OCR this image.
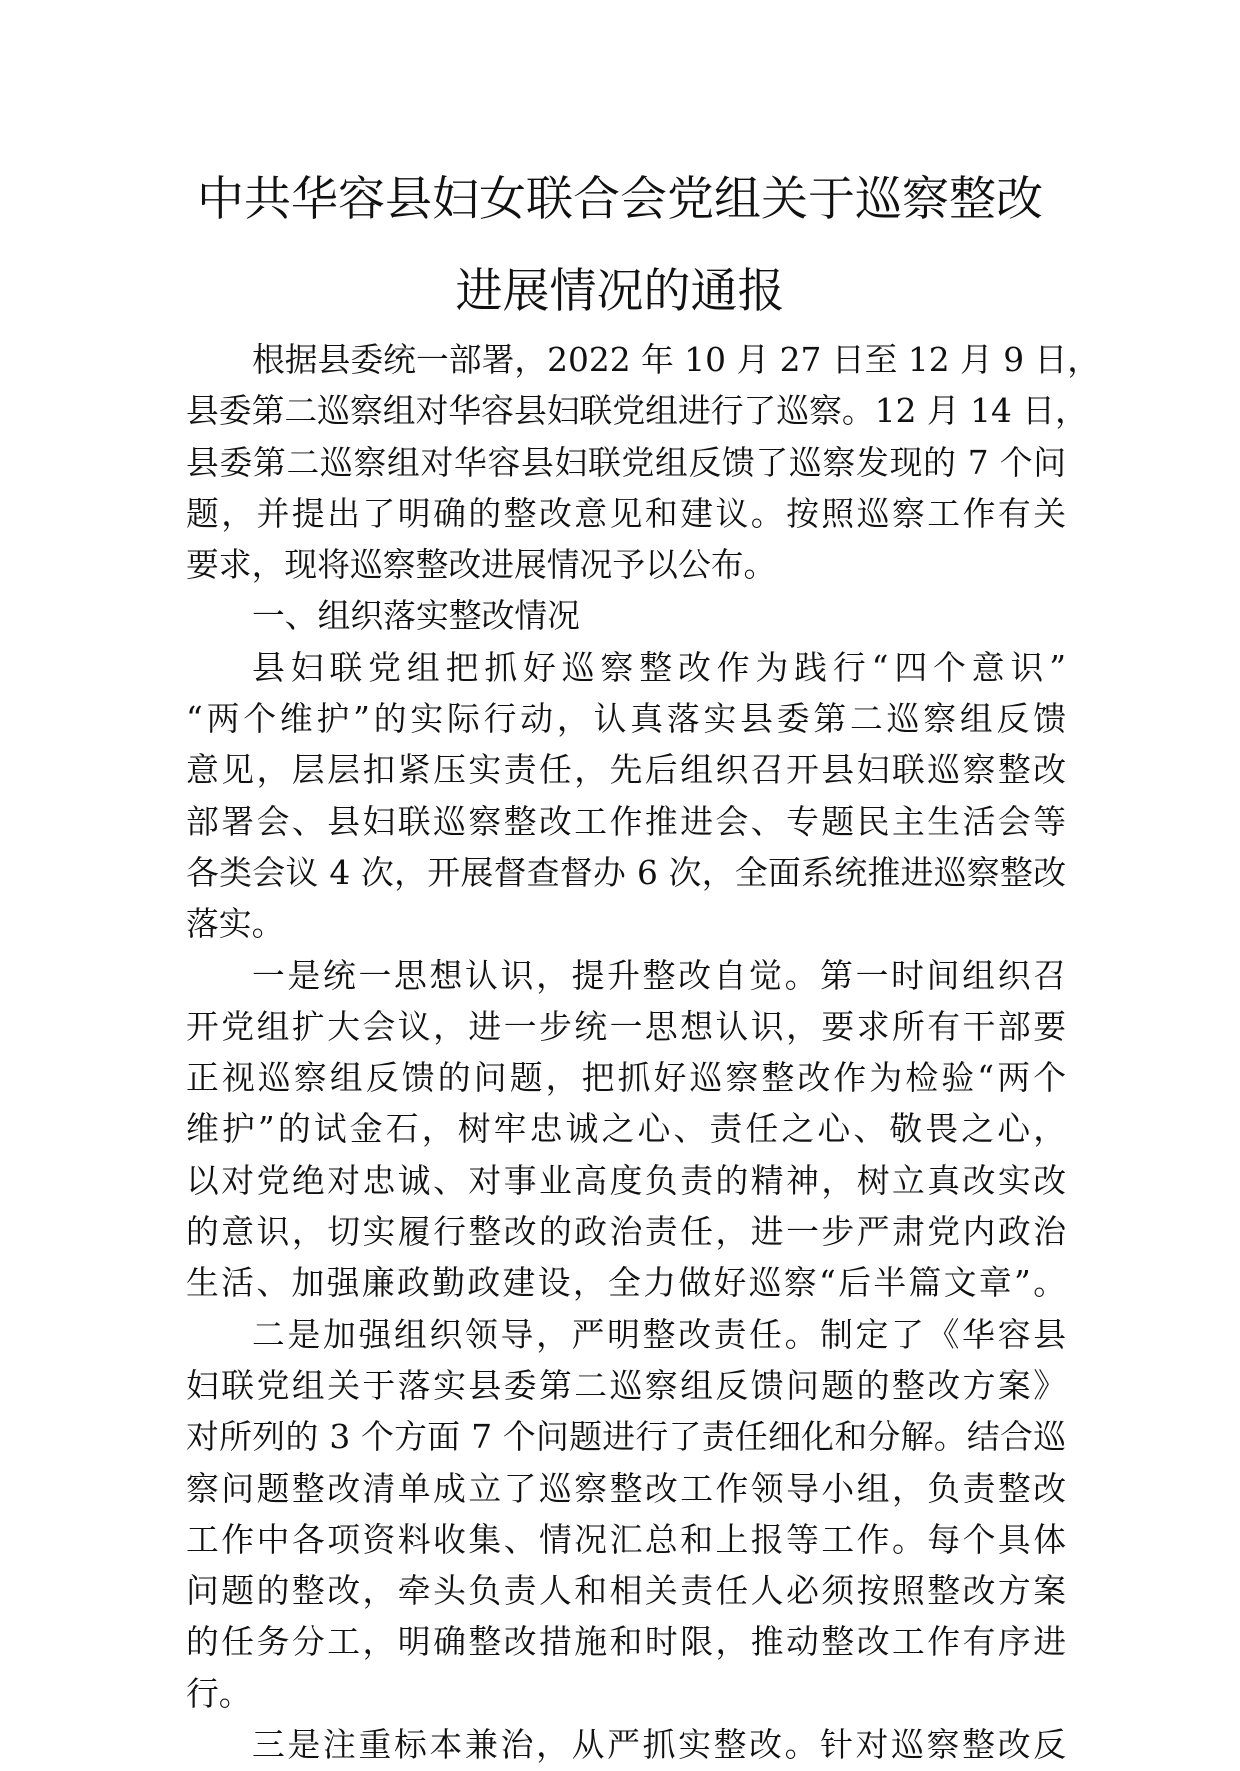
中共华容县妇女联合会党组关于巡察整改
进展情况的通报
根据县委统一部署，2022 年 10 月 27 日至 12 月 9 日，
县委第二巡察组对华容县妇联党组进行了巡察。12 月 14 日，
县委第二巡察组对华容县妇联党组反馈了巡察发现的 7 个问
题，并提出了明确的整改意见和建议。按照巡察工作有关
要求，现将巡察整改进展情况予以公布。
一、组织落实整改情况
县妇联党组把抓好巡察整改作为践行“四个意识”
“两个维护”的实际行动，认真落实县委第二巡察组反馈
意见，层层扣紧压实责任，先后组织召开县妇联巡察整改
部署会、县妇联巡察整改工作推进会、专题民主生活会等
各类会议 4 次，开展督查督办 6 次，全面系统推进巡察整改
落实。
一是统一思想认识，提升整改自觉。第一时间组织召
开党组扩大会议，进一步统一思想认识，要求所有干部要
正视巡察组反馈的问题，把抓好巡察整改作为检验“两个
维护”的试金石，树牢忠诚之心、责任之心、敬畏之心，
以对党绝对忠诚、对事业高度负责的精神，树立真改实改
的意识，切实履行整改的政治责任，进一步严肃党内政治
生活、加强廉政勤政建设，全力做好巡察“后半篇文章”。
二是加强组织领导，严明整改责任。制定了《华容县
妇联党组关于落实县委第二巡察组反馈问题的整改方案》
对所列的 3 个方面 7 个问题进行了责任细化和分解。结合巡
察问题整改清单成立了巡察整改工作领导小组，负责整改
工作中各项资料收集、情况汇总和上报等工作。每个具体
问题的整改，牵头负责人和相关责任人必须按照整改方案
的任务分工，明确整改措施和时限，推动整改工作有序进
行。
三是注重标本兼治，从严抓实整改。针对巡察整改反
